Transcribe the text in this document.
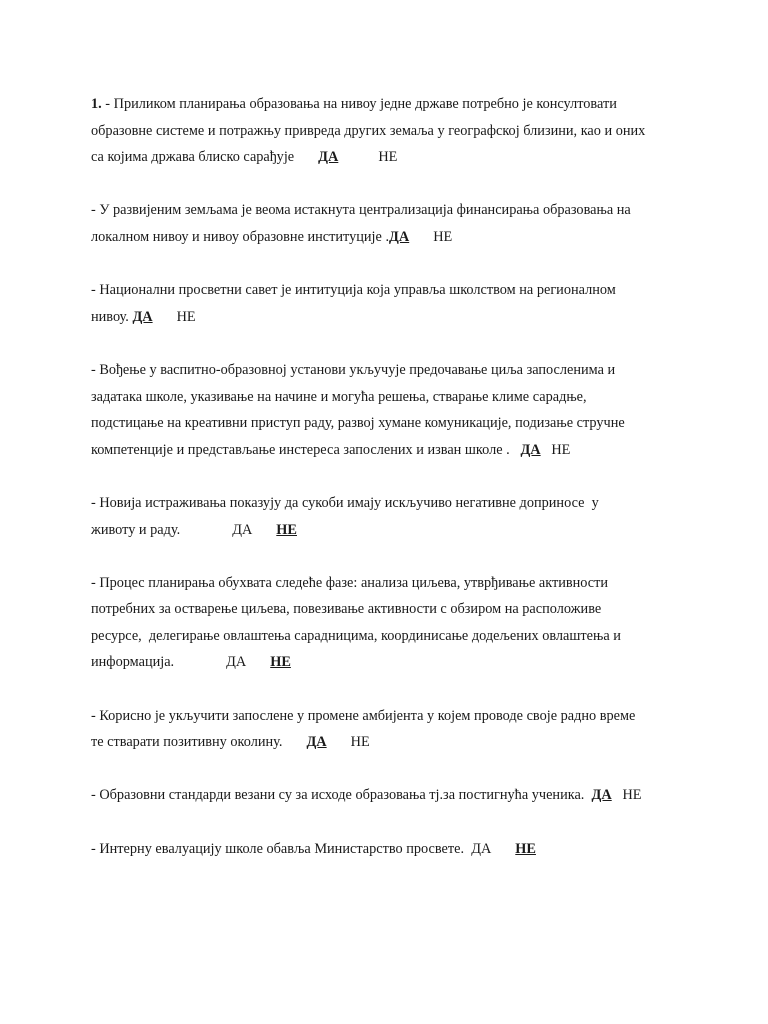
1. - Приликом планирања образовања на нивоу једне државе потребно је консултовати
образовне системе и потражњу привреда других земаља у географској близини, као и оних
са којима држава блиско сарађује ДА	НЕ
- У развијеним земљама је веома истакнута централизација финансирања образовања на
локалном нивоу и нивоу образовне институције .ДА НЕ
- Национални просветни савет је интитуција која управља школством на регионалном
нивоу. ДА НЕ
- Вођење у васпитно-образовној установи укључује предочавање циља запосленима и
задатака школе, указивање на начине и могућа решења, стварање климе сарадње,
подстицање на креативни приступ раду, развој хумане комуникације, подизање стручне
компетенције и представљање инстереса запослених и изван школе . ДА НЕ
- Новија истраживања показују да сукоби имају искључиво негативне доприносе  у
животу и раду.	ДА НЕ
- Процес планирања обухвата следеће фазе: анализа циљева, утврђивање активности
потребних за остварење циљева, повезивање активности с обзиром на расположиве
ресурсе,  делегирање овлаштења сарадницима, координисање додељених овлаштења и
информација.	ДА НЕ
- Корисно је укључити запослене у промене амбијента у којем проводе своје радно време
те стварати позитивну околину. ДА НЕ
- Образовни стандарди везани су за исходе образовања тј.за постигнућа ученика. ДА НЕ
- Интерну евалуацију школе обавља Министарство просвете. ДА НЕ
